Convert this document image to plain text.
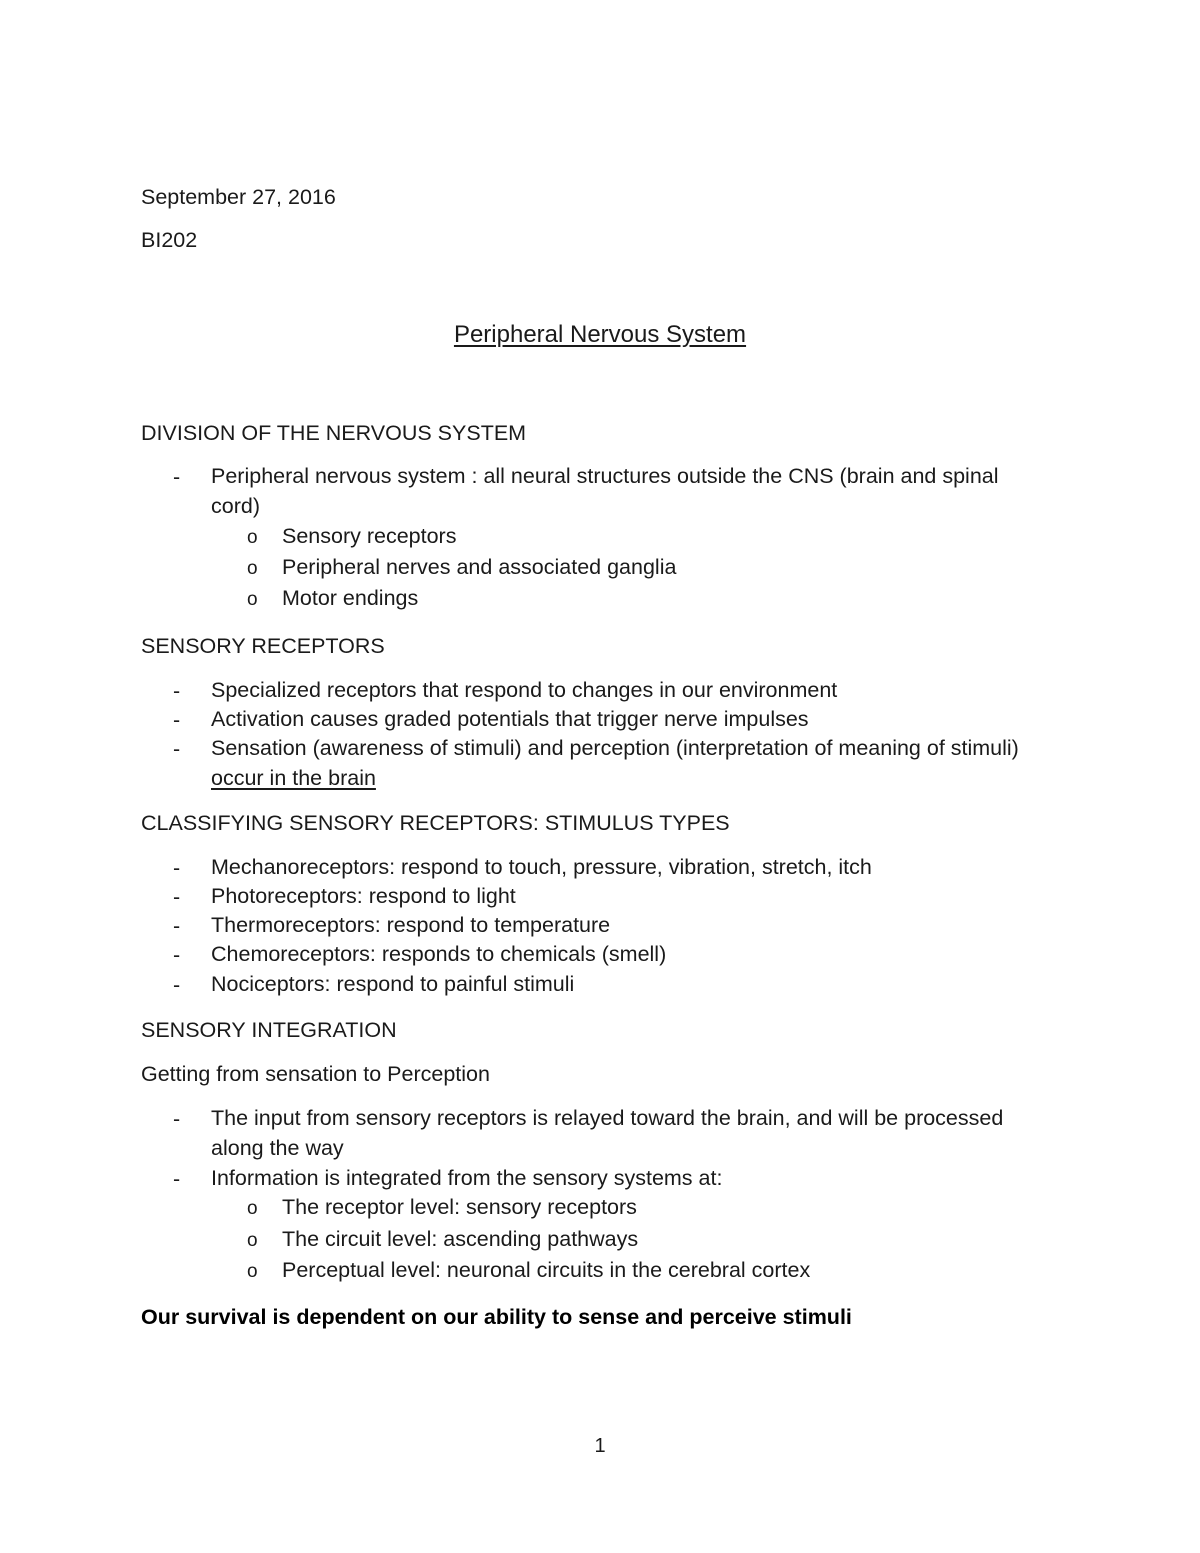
September 27, 2016
BI202
Peripheral Nervous System
DIVISION OF THE NERVOUS SYSTEM
- Peripheral nervous system : all neural structures outside the CNS (brain and spinal cord)
o Sensory receptors
o Peripheral nerves and associated ganglia
o Motor endings
SENSORY RECEPTORS
- Specialized receptors that respond to changes in our environment
- Activation causes graded potentials that trigger nerve impulses
- Sensation (awareness of stimuli) and perception (interpretation of meaning of stimuli) occur in the brain
CLASSIFYING SENSORY RECEPTORS: STIMULUS TYPES
- Mechanoreceptors: respond to touch, pressure, vibration, stretch, itch
- Photoreceptors: respond to light
- Thermoreceptors: respond to temperature
- Chemoreceptors: responds to chemicals (smell)
- Nociceptors: respond to painful stimuli
SENSORY INTEGRATION
Getting from sensation to Perception
- The input from sensory receptors is relayed toward the brain, and will be processed along the way
- Information is integrated from the sensory systems at:
o The receptor level: sensory receptors
o The circuit level: ascending pathways
o Perceptual level: neuronal circuits in the cerebral cortex
Our survival is dependent on our ability to sense and perceive stimuli
1
